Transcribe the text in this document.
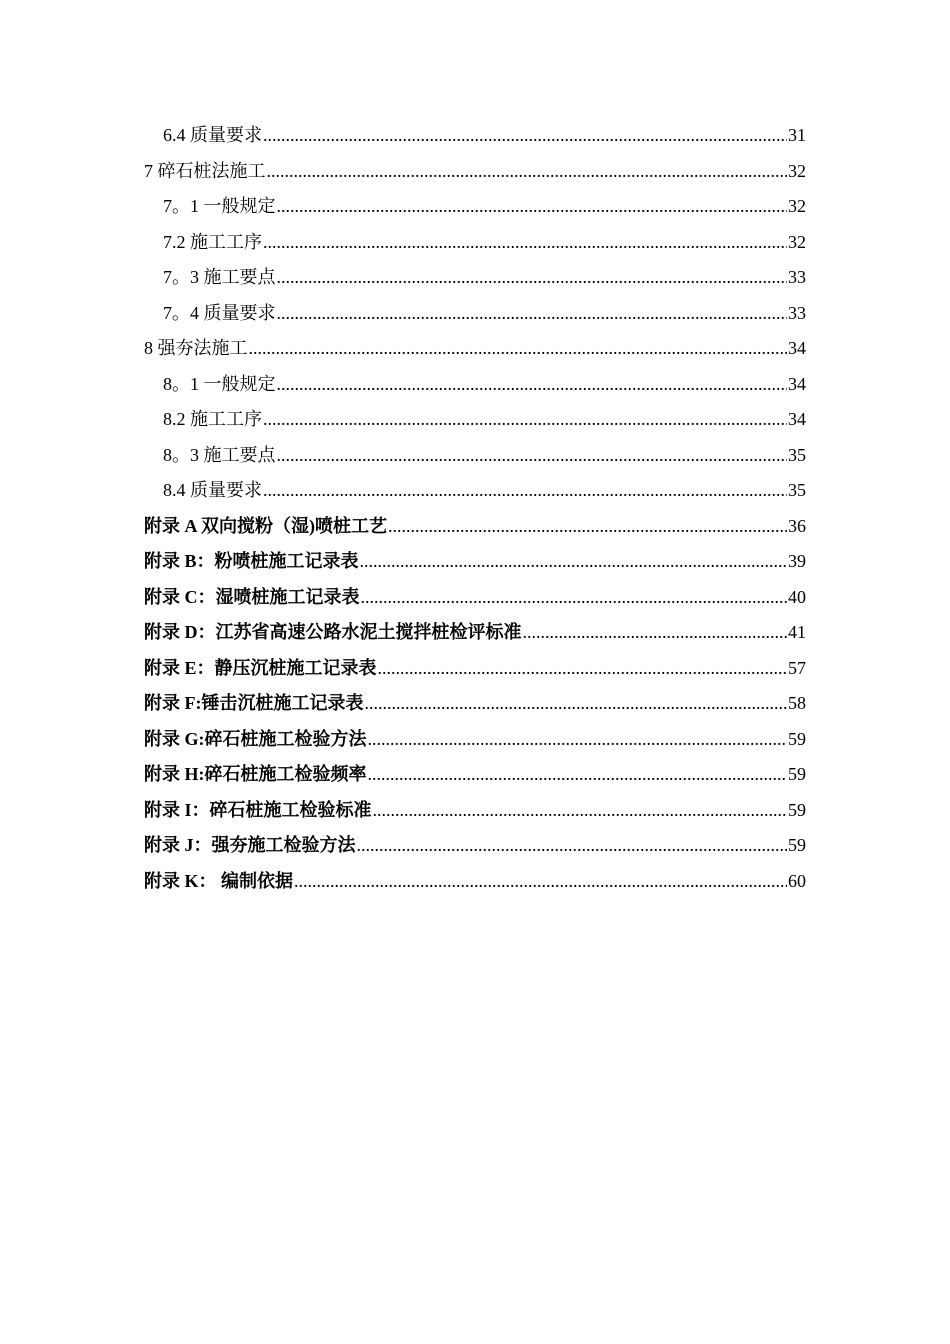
6.4 质量要求 .....	31
7 碎石桩法施工 .....	32
7。1 一般规定 .....	32
7.2 施工工序 .....	32
7。3 施工要点 .....	33
7。4 质量要求 .....	33
8 强夯法施工 .....	34
8。1 一般规定 .....	34
8.2 施工工序 .....	34
8。3 施工要点 .....	35
8.4 质量要求 .....	35
附录 A 双向搅粉（湿)喷桩工艺 .....	36
附录 B：粉喷桩施工记录表 .....	39
附录 C：湿喷桩施工记录表 .....	40
附录 D：江苏省高速公路水泥土搅拌桩检评标准 .....	41
附录 E：静压沉桩施工记录表 .....	57
附录 F:锤击沉桩施工记录表 .....	58
附录 G:碎石桩施工检验方法 .....	59
附录 H:碎石桩施工检验频率 .....	59
附录 I：碎石桩施工检验标准 .....	59
附录 J：强夯施工检验方法 .....	59
附录 K： 编制依据 .....	60
